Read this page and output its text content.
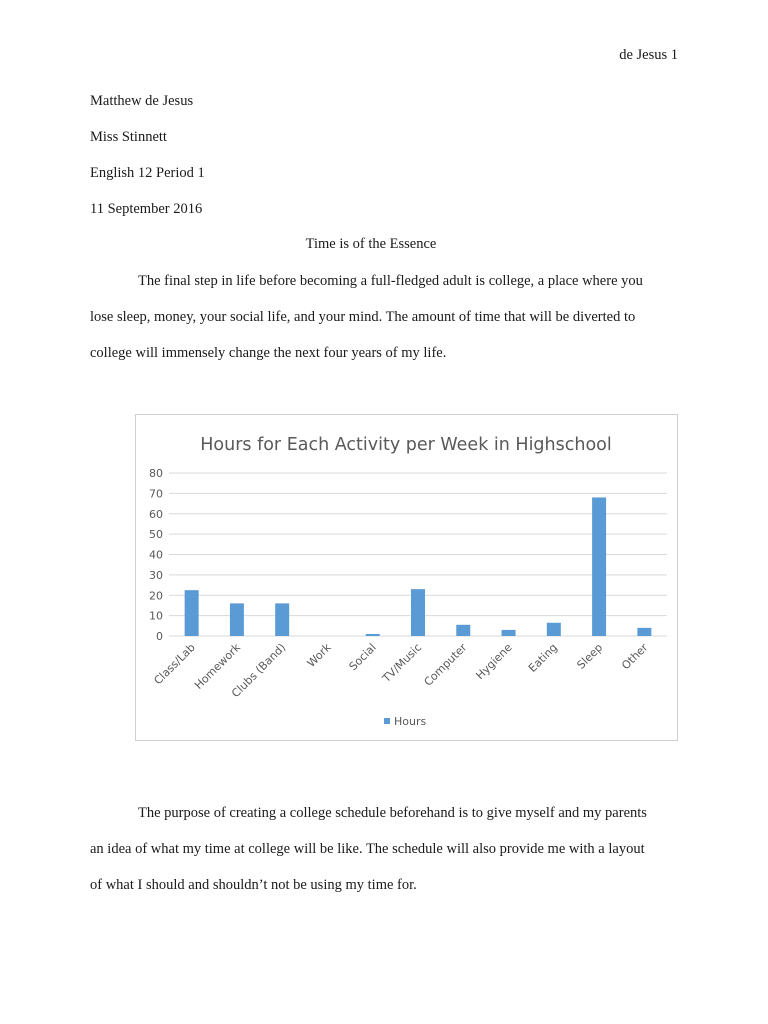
de Jesus 1
Matthew de Jesus
Miss Stinnett
English 12 Period 1
11 September 2016
Time is of the Essence

The final step in life before becoming a full-fledged adult is college, a place where you

lose sleep, money, your social life, and your mind. The amount of time that will be diverted to

college will immensely change the next four years of my life.

Hours for Each Activity per Week in Highschool
0
10
20
30
40
50
60
70
80
Class/Lab
Homework
Clubs (Band) Work Social TV/Music
Computer Hygiene Eating Sleep Other
Hours

The purpose of creating a college schedule beforehand is to give myself and my parents

an idea of what my time at college will be like. The schedule will also provide me with a layout

of what I should and shouldn’t not be using my time for.
